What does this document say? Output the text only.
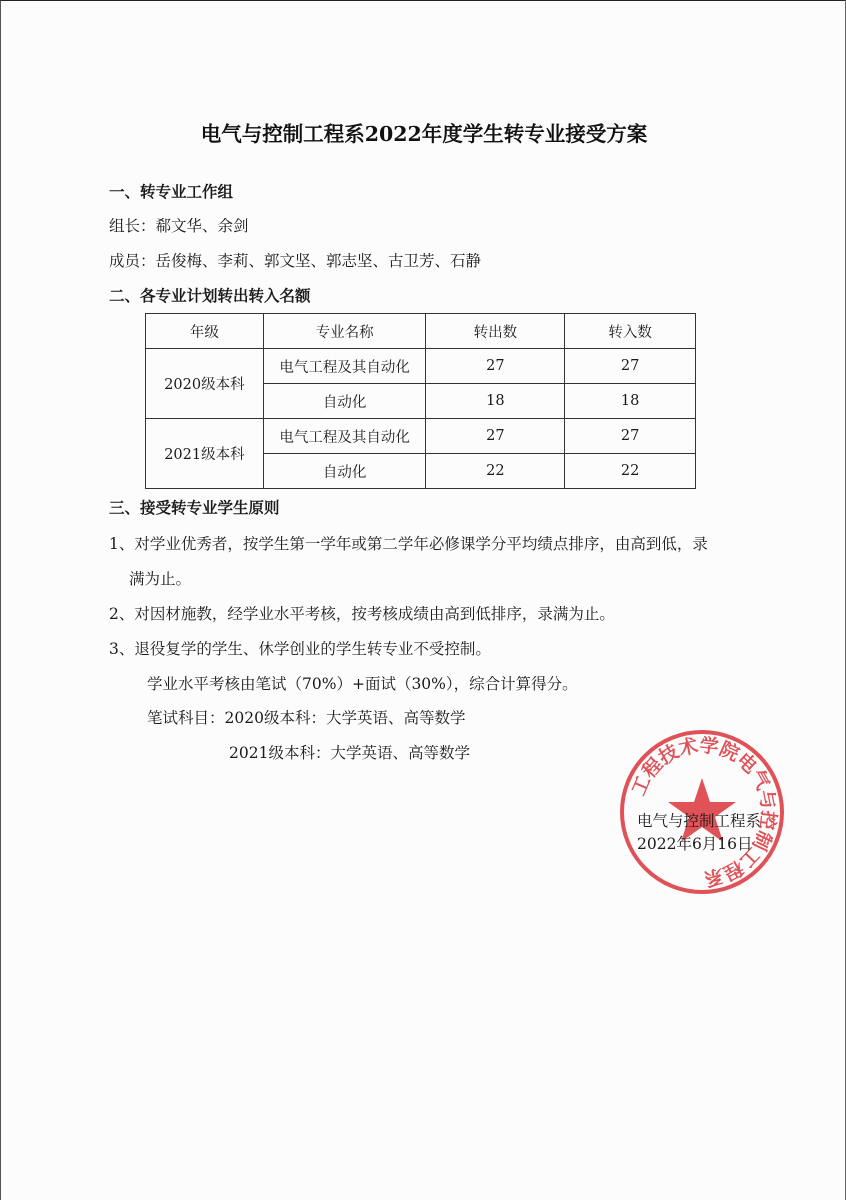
电气与控制工程系2022年度学生转专业接受方案

一、转专业工作组

组长：郗文华、余剑

成员：岳俊梅、李莉、郭文坚、郭志坚、古卫芳、石静

二、各专业计划转出转入名额

年级	专业名称	转出数	转入数
2020级本科	电气工程及其自动化	27	27
	自动化	18	18
2021级本科	电气工程及其自动化	27	27
	自动化	22	22

三、接受转专业学生原则

1、对学业优秀者，按学生第一学年或第二学年必修课学分平均绩点排序，由高到低，录

满为止。

2、对因材施教，经学业水平考核，按考核成绩由高到低排序，录满为止。

3、退役复学的学生、休学创业的学生转专业不受控制。

学业水平考核由笔试（70%）+面试（30%），综合计算得分。

笔试科目：2020级本科：大学英语、高等数学

2021级本科：大学英语、高等数学

工程技术学院电气与控制工程系

电气与控制工程系

2022年6月16日
